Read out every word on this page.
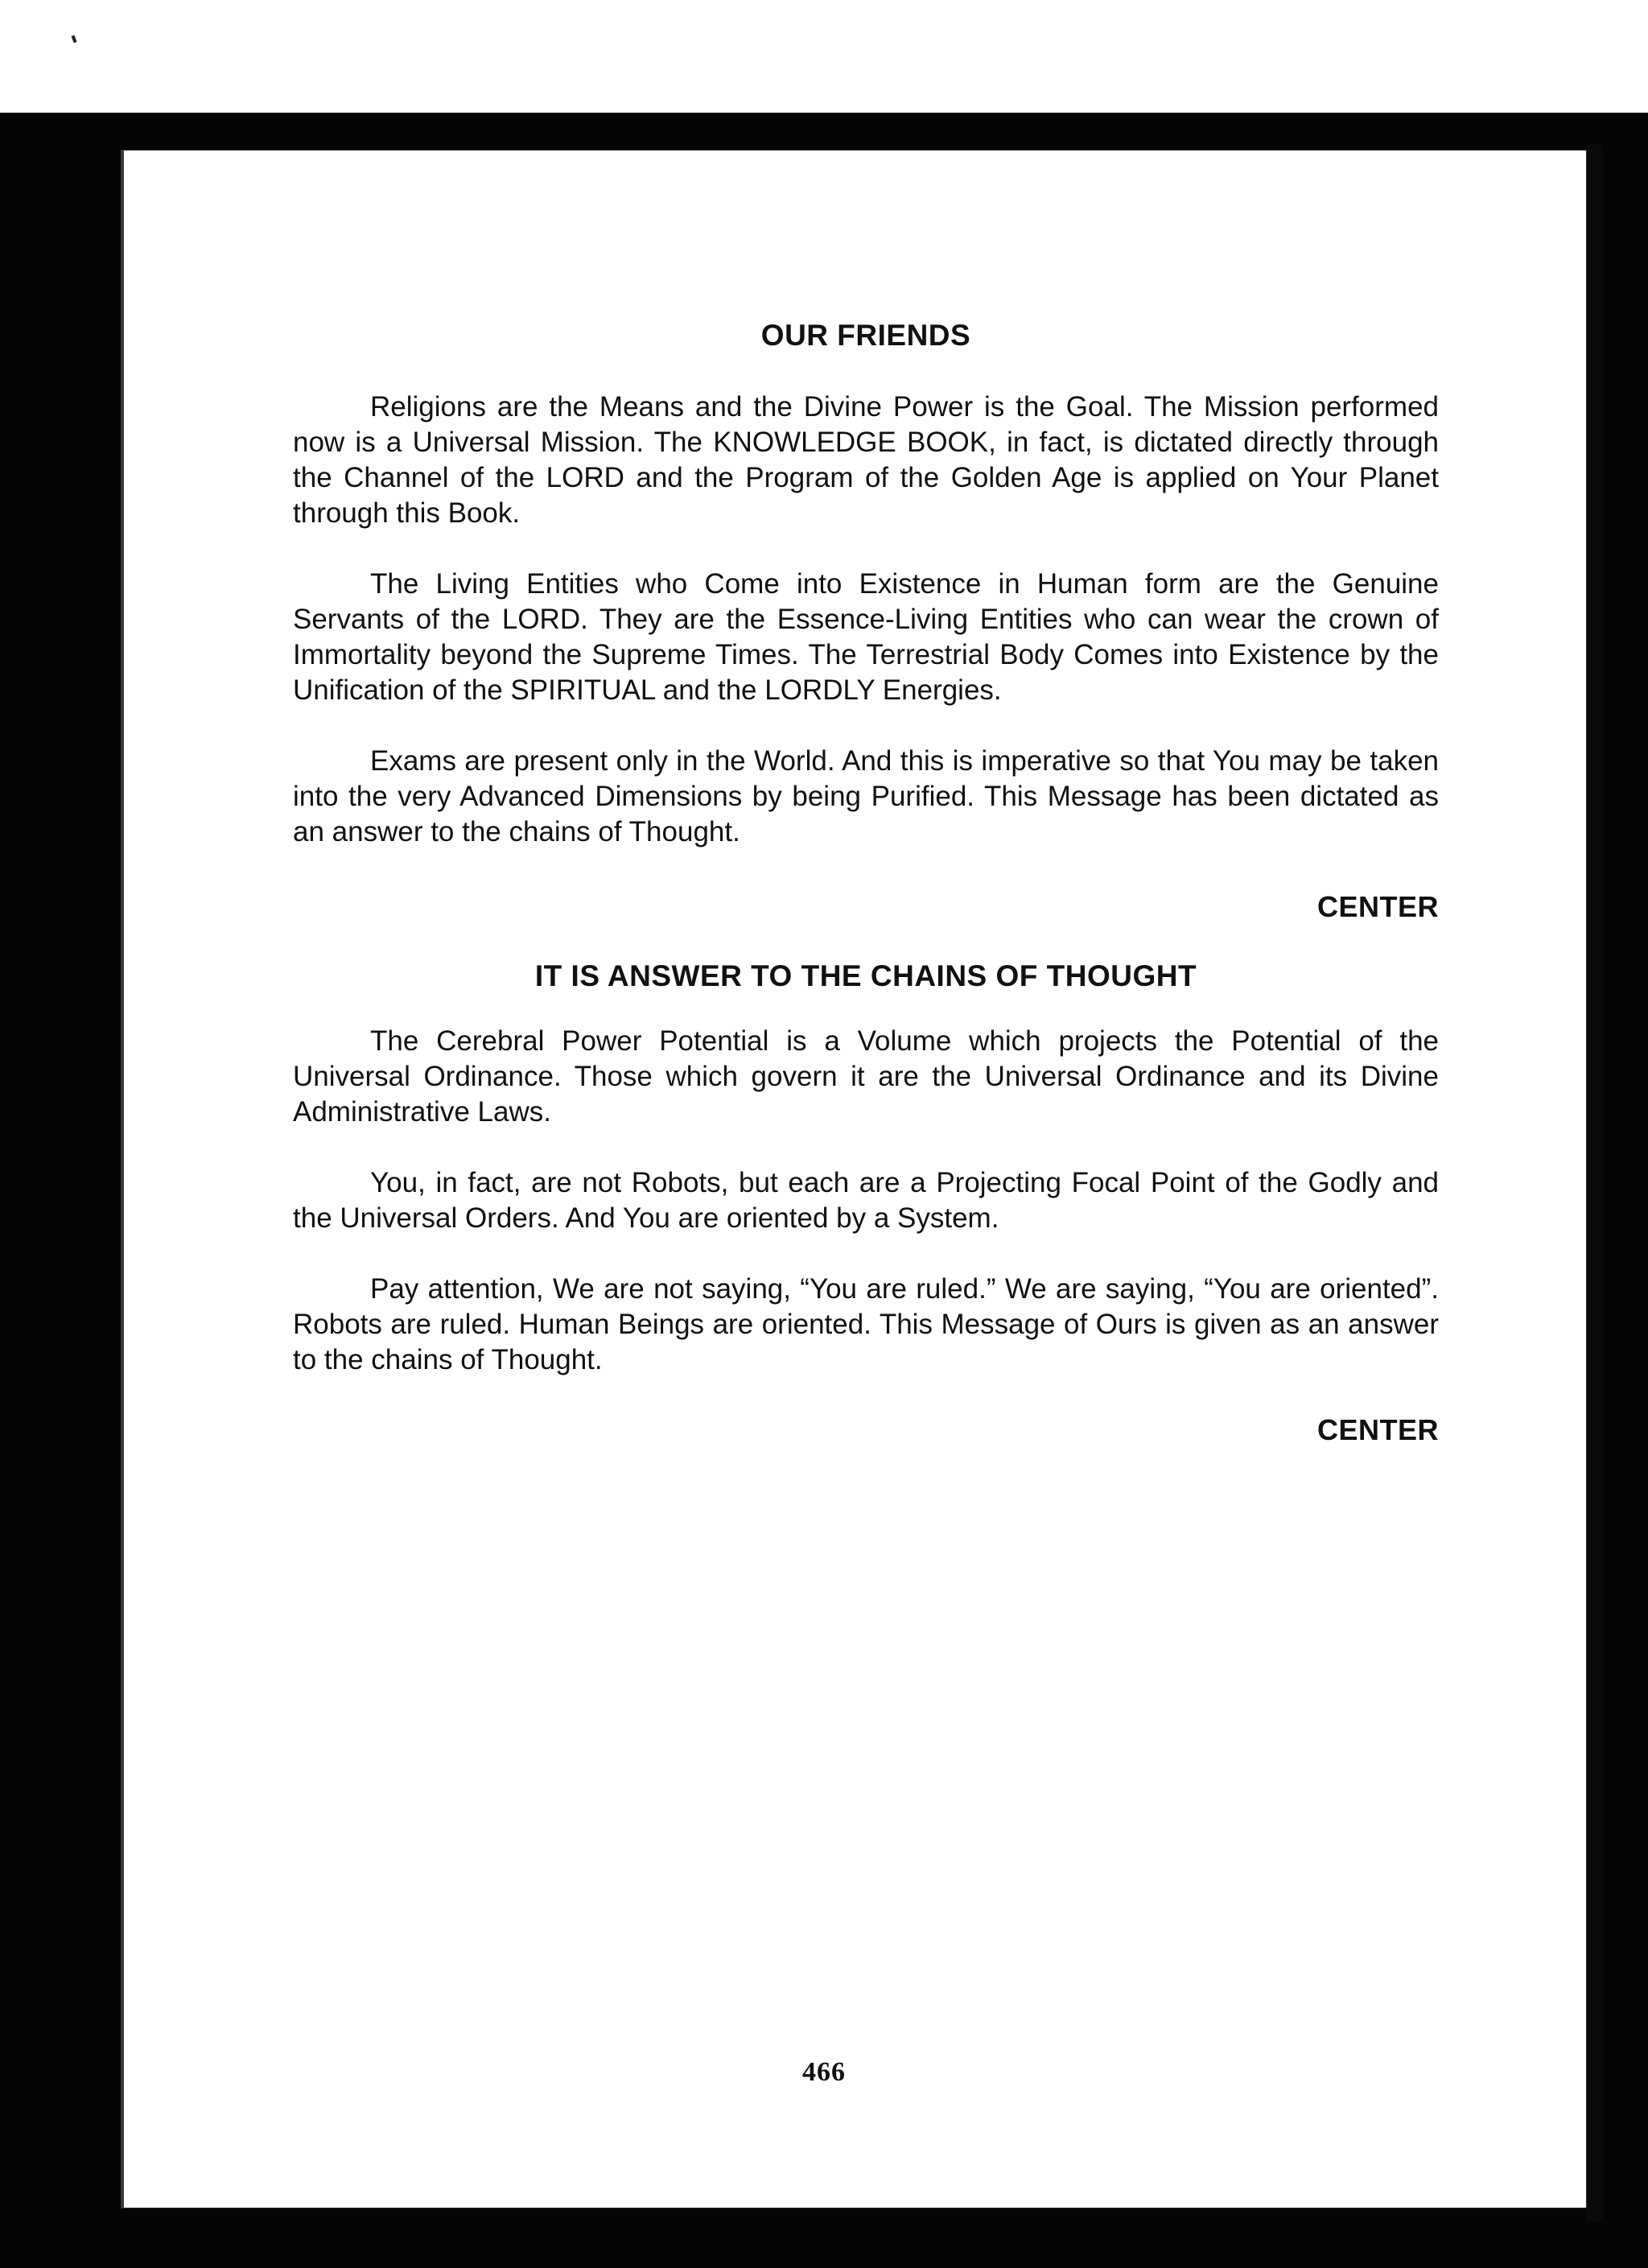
OUR FRIENDS

Religions are the Means and the Divine Power is the Goal. The Mission performed now is a Universal Mission. The KNOWLEDGE BOOK, in fact, is dictated directly through the Channel of the LORD and the Program of the Golden Age is applied on Your Planet through this Book.

The Living Entities who Come into Existence in Human form are the Genuine Servants of the LORD. They are the Essence-Living Entities who can wear the crown of Immortality beyond the Supreme Times. The Terrestrial Body Comes into Existence by the Unification of the SPIRITUAL and the LORDLY Energies.

Exams are present only in the World. And this is imperative so that You may be taken into the very Advanced Dimensions by being Purified. This Message has been dictated as an answer to the chains of Thought.

CENTER
IT IS ANSWER TO THE CHAINS OF THOUGHT

The Cerebral Power Potential is a Volume which projects the Potential of the Universal Ordinance. Those which govern it are the Universal Ordinance and its Divine Administrative Laws.

You, in fact, are not Robots, but each are a Projecting Focal Point of the Godly and the Universal Orders. And You are oriented by a System.

Pay attention, We are not saying, “You are ruled.” We are saying, “You are oriented”. Robots are ruled. Human Beings are oriented. This Message of Ours is given as an answer to the chains of Thought.

CENTER
466
